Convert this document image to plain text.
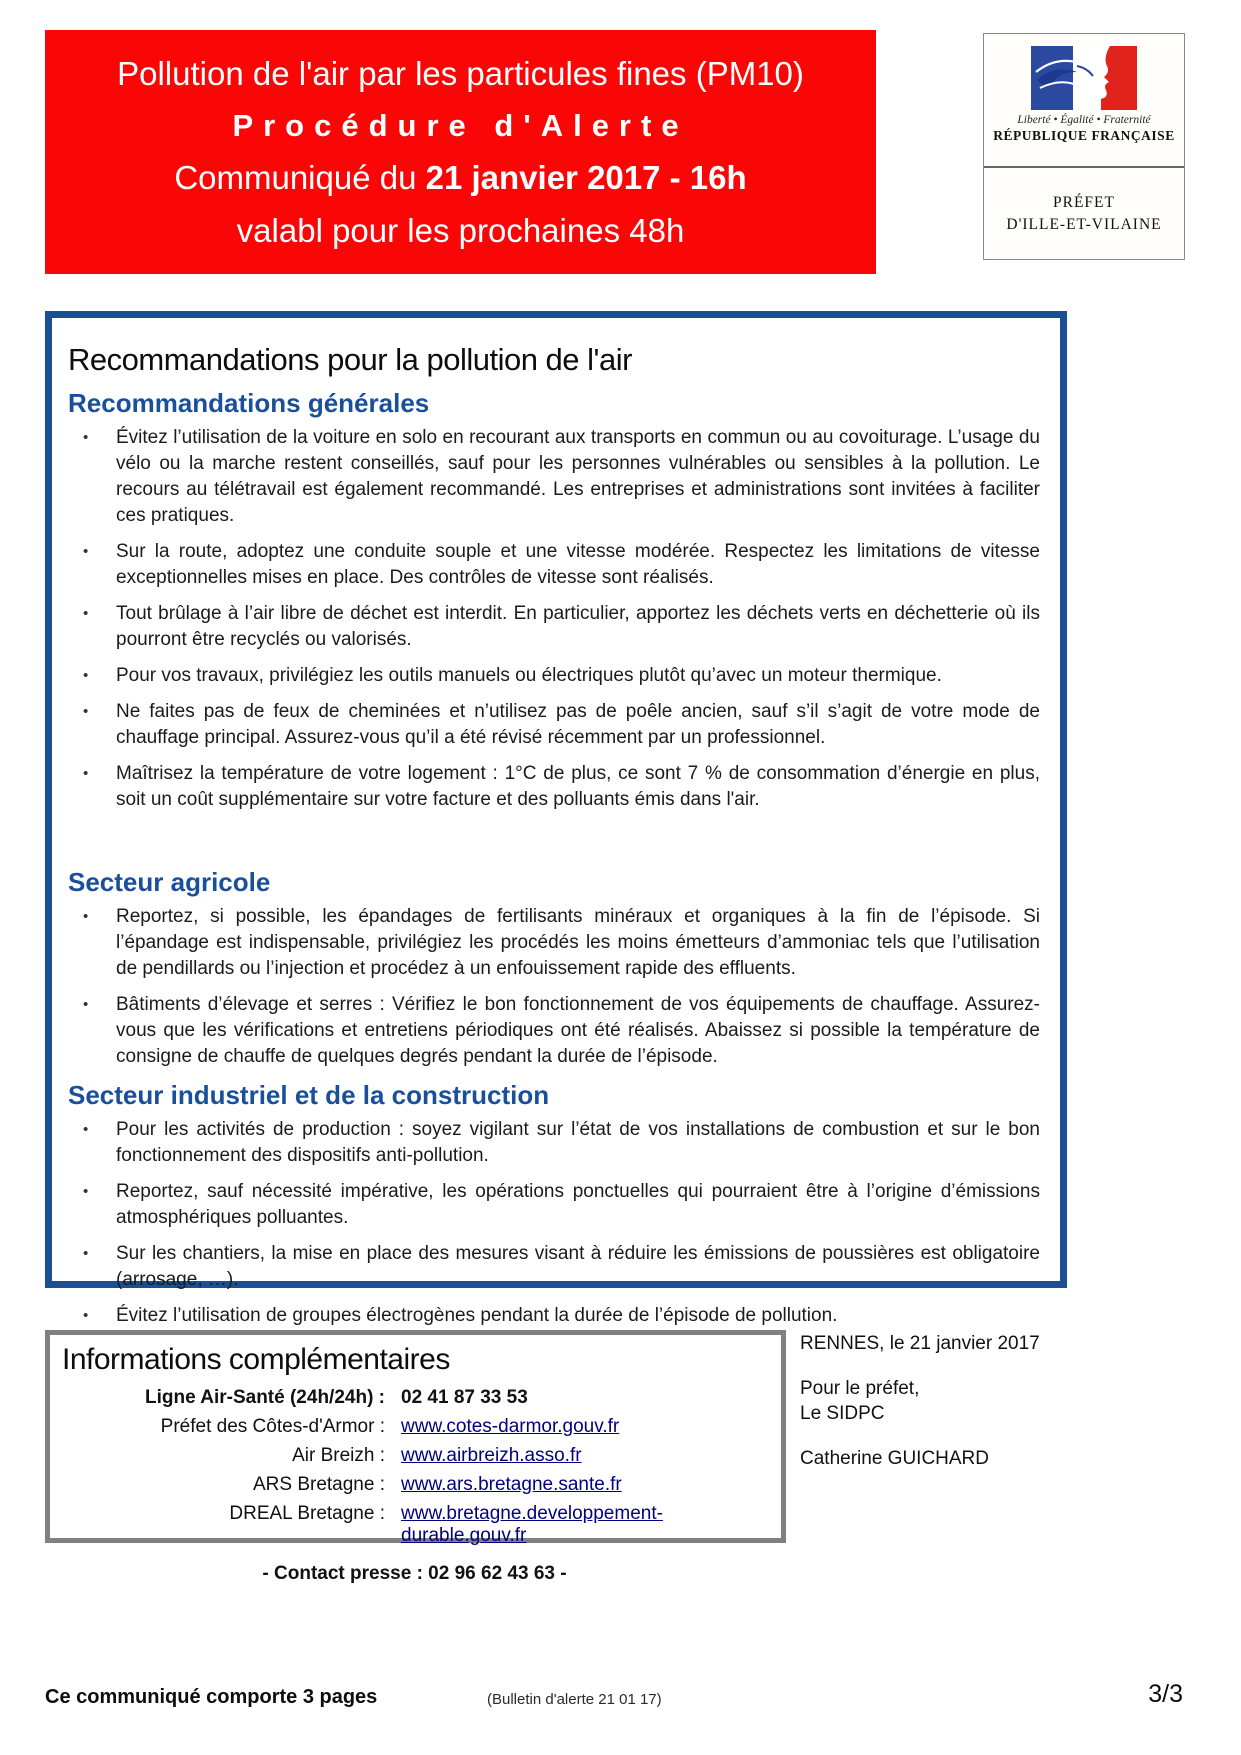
Pollution de l'air par les particules fines (PM10)
Procédure d'Alerte
Communiqué du 21 janvier 2017 - 16h
valabl pour les prochaines 48h
Liberté • Égalité • Fraternité
RÉPUBLIQUE FRANÇAISE
PRÉFET
D'ILLE-ET-VILAINE
Recommandations pour la pollution de l'air
Recommandations générales
• Évitez l’utilisation de la voiture en solo en recourant aux transports en commun ou au covoiturage. L’usage du vélo ou la marche restent conseillés, sauf pour les personnes vulnérables ou sensibles à la pollution. Le recours au télétravail est également recommandé. Les entreprises et administrations sont invitées à faciliter ces pratiques.
• Sur la route, adoptez une conduite souple et une vitesse modérée. Respectez les limitations de vitesse exceptionnelles mises en place. Des contrôles de vitesse sont réalisés.
• Tout brûlage à l’air libre de déchet est interdit. En particulier, apportez les déchets verts en déchetterie où ils pourront être recyclés ou valorisés.
• Pour vos travaux, privilégiez les outils manuels ou électriques plutôt qu’avec un moteur thermique.
• Ne faites pas de feux de cheminées et n’utilisez pas de poêle ancien, sauf s’il s’agit de votre mode de chauffage principal. Assurez-vous qu’il a été révisé récemment par un professionnel.
• Maîtrisez la température de votre logement : 1°C de plus, ce sont 7 % de consommation d’énergie en plus, soit un coût supplémentaire sur votre facture et des polluants émis dans l'air.
Secteur agricole
• Reportez, si possible, les épandages de fertilisants minéraux et organiques à la fin de l’épisode. Si l’épandage est indispensable, privilégiez les procédés les moins émetteurs d’ammoniac tels que l’utilisation de pendillards ou l’injection et procédez à un enfouissement rapide des effluents.
• Bâtiments d’élevage et serres : Vérifiez le bon fonctionnement de vos équipements de chauffage. Assurez-vous que les vérifications et entretiens périodiques ont été réalisés. Abaissez si possible la température de consigne de chauffe de quelques degrés pendant la durée de l’épisode.
Secteur industriel et de la construction
• Pour les activités de production : soyez vigilant sur l’état de vos installations de combustion et sur le bon fonctionnement des dispositifs anti-pollution.
• Reportez, sauf nécessité impérative, les opérations ponctuelles qui pourraient être à l’origine d’émissions atmosphériques polluantes.
• Sur les chantiers, la mise en place des mesures visant à réduire les émissions de poussières est obligatoire (arrosage, …).
• Évitez l’utilisation de groupes électrogènes pendant la durée de l’épisode de pollution.
Informations complémentaires
Ligne Air-Santé (24h/24h) : 02 41 87 33 53
Préfet des Côtes-d'Armor : www.cotes-darmor.gouv.fr
Air Breizh : www.airbreizh.asso.fr
ARS Bretagne : www.ars.bretagne.sante.fr
DREAL Bretagne : www.bretagne.developpement-durable.gouv.fr
- Contact presse : 02 96 62 43 63 -
RENNES, le 21 janvier 2017
Pour le préfet,
Le SIDPC
Catherine GUICHARD
Ce communiqué comporte 3 pages	(Bulletin d'alerte 21 01 17)	3/3
